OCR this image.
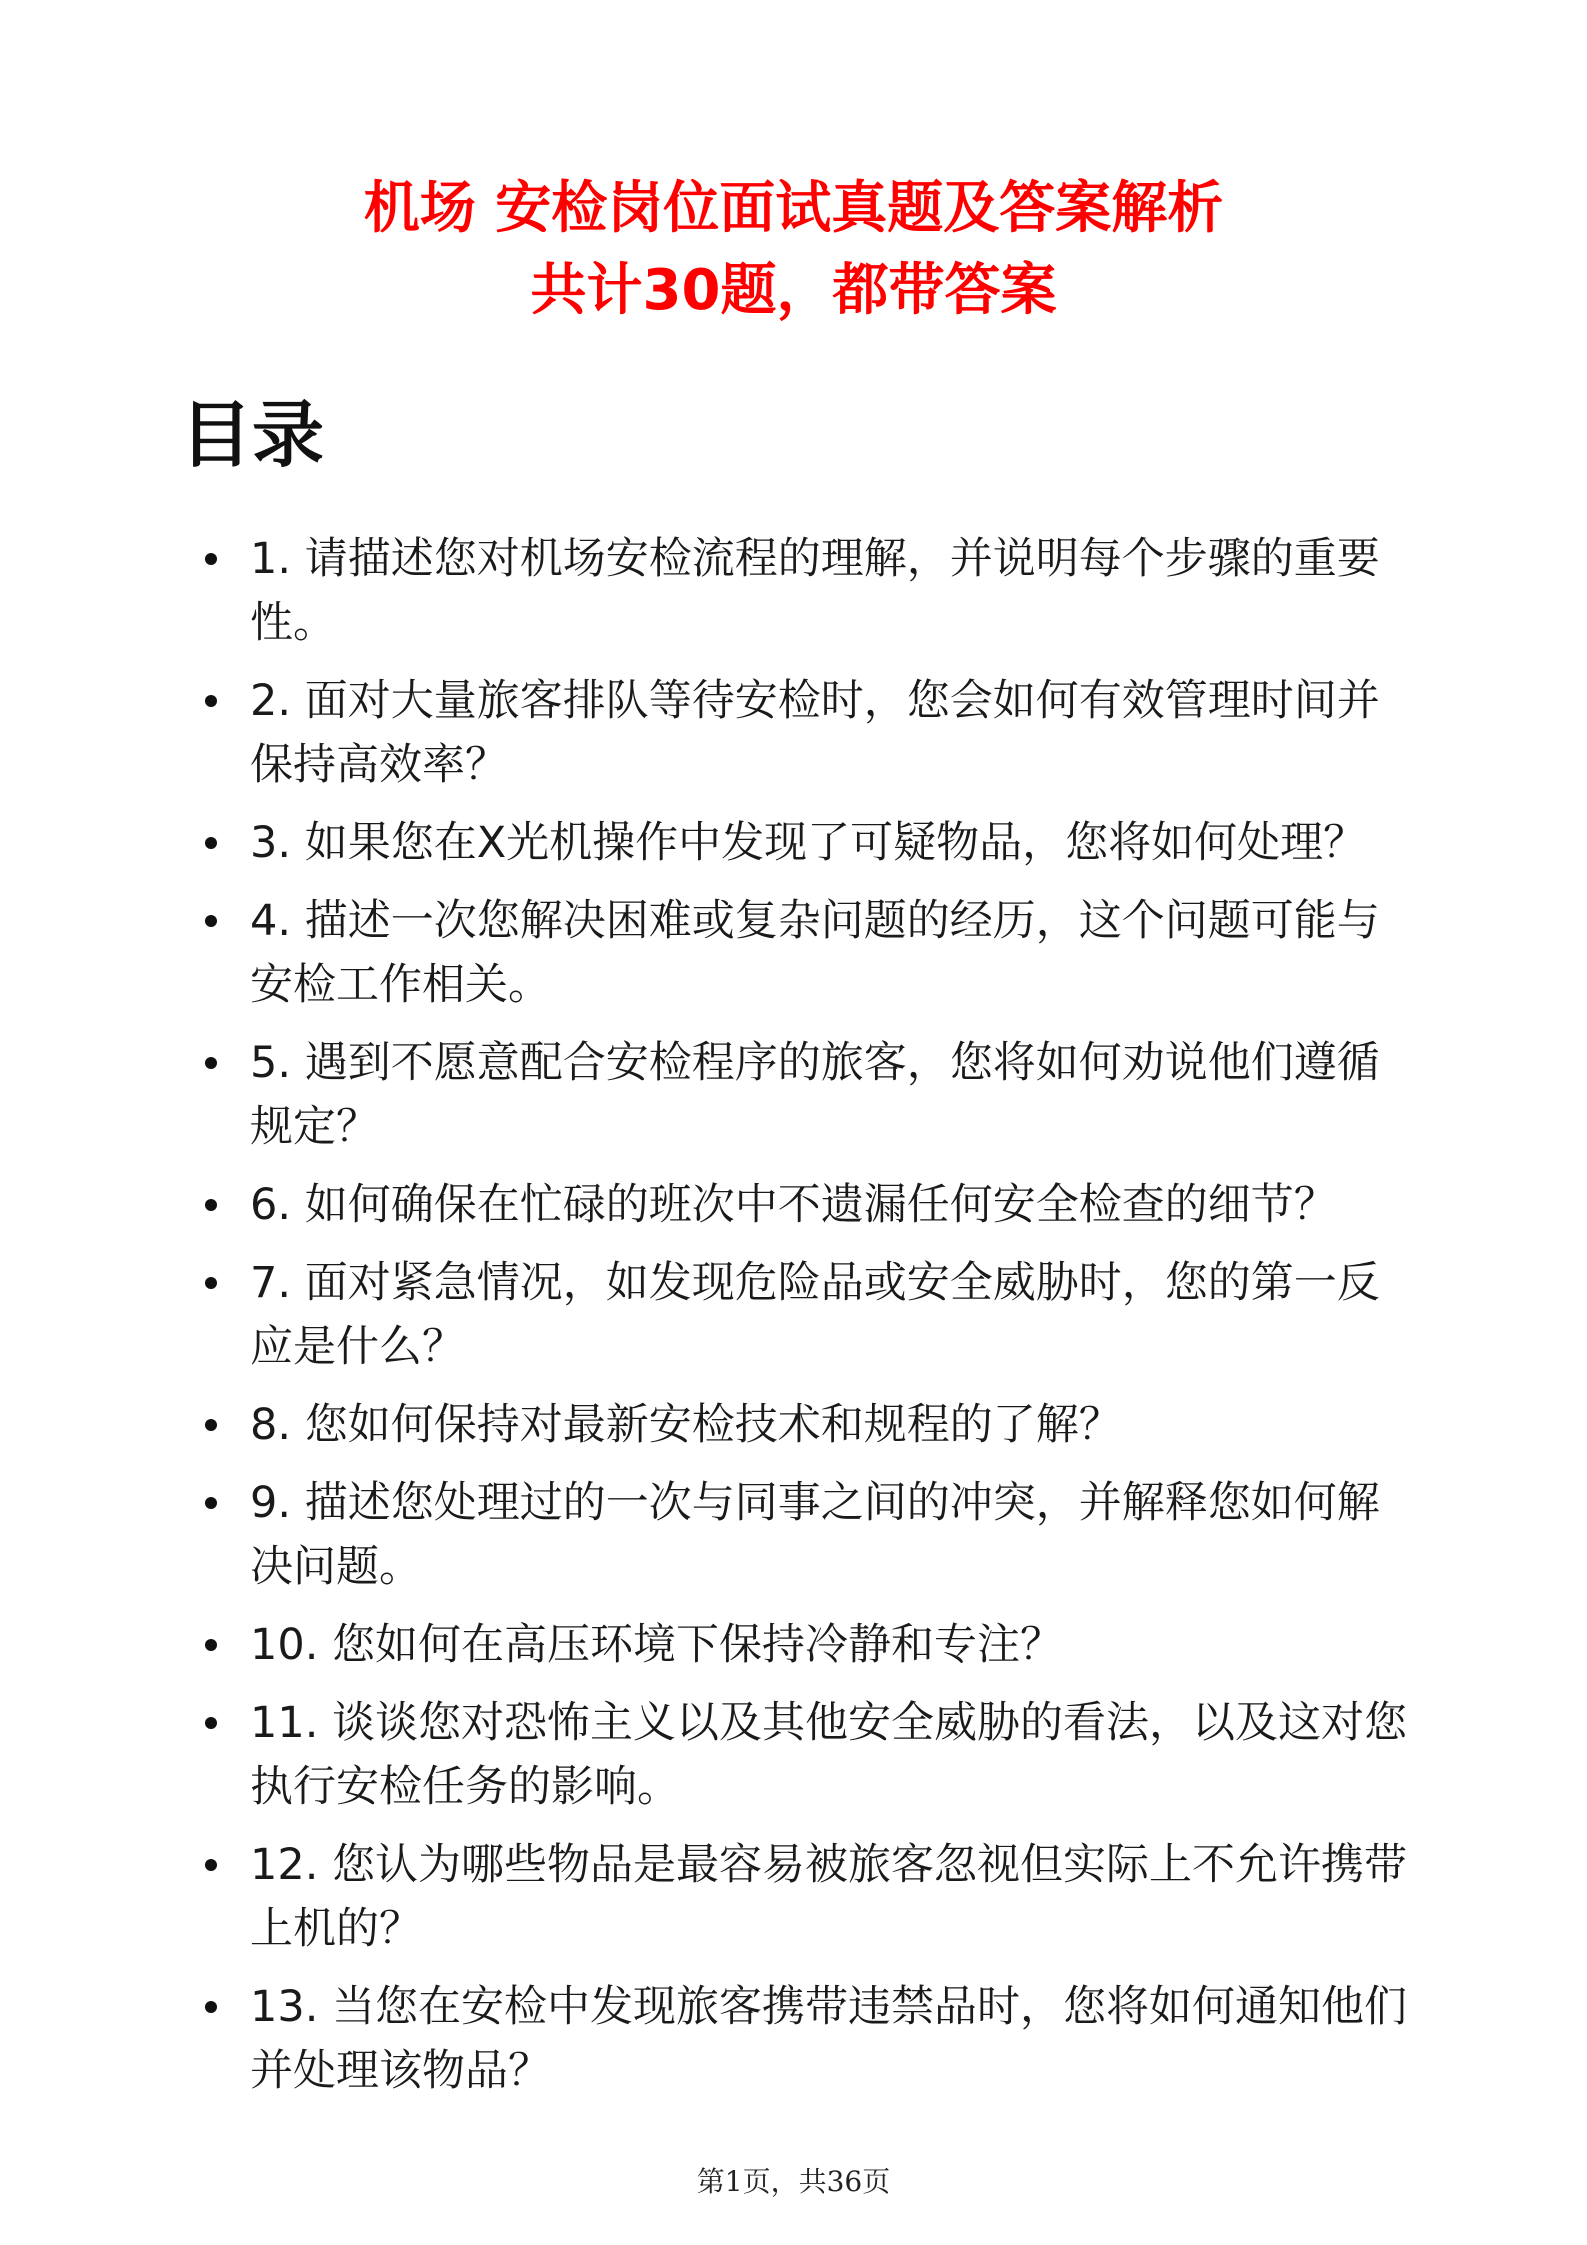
机场 安检岗位面试真题及答案解析
共计30题，都带答案
目录
1. 请描述您对机场安检流程的理解，并说明每个步骤的重要性。
2. 面对大量旅客排队等待安检时，您会如何有效管理时间并保持高效率？
3. 如果您在X光机操作中发现了可疑物品，您将如何处理？
4. 描述一次您解决困难或复杂问题的经历，这个问题可能与安检工作相关。
5. 遇到不愿意配合安检程序的旅客，您将如何劝说他们遵循规定？
6. 如何确保在忙碌的班次中不遗漏任何安全检查的细节？
7. 面对紧急情况，如发现危险品或安全威胁时，您的第一反应是什么？
8. 您如何保持对最新安检技术和规程的了解？
9. 描述您处理过的一次与同事之间的冲突，并解释您如何解决问题。
10. 您如何在高压环境下保持冷静和专注？
11. 谈谈您对恐怖主义以及其他安全威胁的看法，以及这对您执行安检任务的影响。
12. 您认为哪些物品是最容易被旅客忽视但实际上不允许携带上机的？
13. 当您在安检中发现旅客携带违禁品时，您将如何通知他们并处理该物品？
第1页，共36页
